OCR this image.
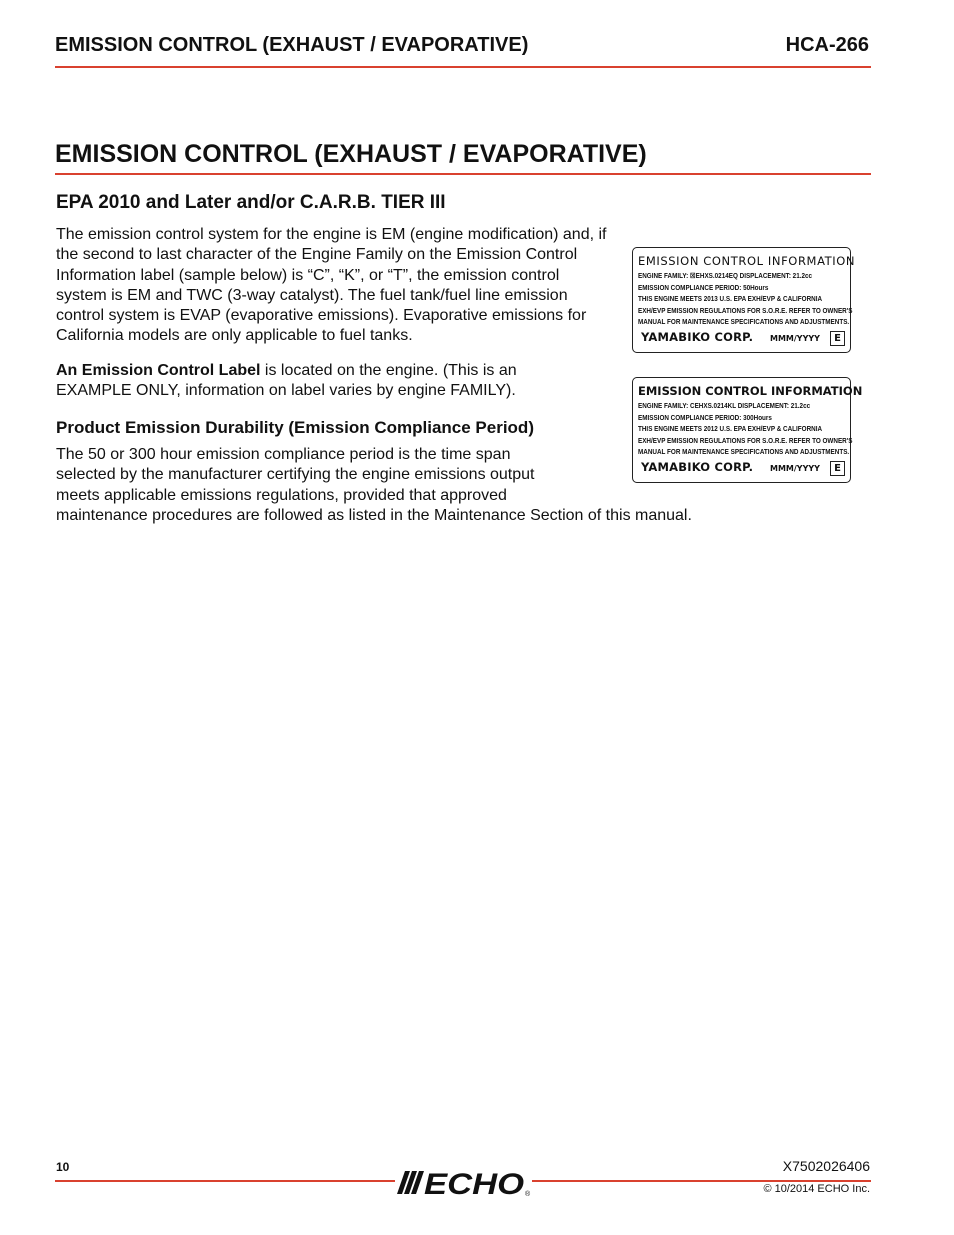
EMISSION CONTROL (EXHAUST / EVAPORATIVE)	HCA-266
EMISSION CONTROL (EXHAUST / EVAPORATIVE)
EPA 2010 and Later and/or C.A.R.B. TIER III

The emission control system for the engine is EM (engine modification) and, if the second to last character of the Engine Family on the Emission Control Information label (sample below) is “C”, “K”, or “T”, the emission control system is EM and TWC (3-way catalyst). The fuel tank/fuel line emission control system is EVAP (evaporative emissions). Evaporative emissions for California models are only applicable to fuel tanks.

An Emission Control Label is located on the engine. (This is an EXAMPLE ONLY, information on label varies by engine FAMILY).

Product Emission Durability (Emission Compliance Period)

The 50 or 300 hour emission compliance period is the time span
selected by the manufacturer certifying the engine emissions output
meets applicable emissions regulations, provided that approved
maintenance procedures are followed as listed in the Maintenance Section of this manual.

EMISSION CONTROL INFORMATION
ENGINE FAMILY: ☒EHXS.0214EQ DISPLACEMENT: 21.2cc
EMISSION COMPLIANCE PERIOD: 50Hours
THIS ENGINE MEETS 2013 U.S. EPA EXH/EVP & CALIFORNIA
EXH/EVP EMISSION REGULATIONS FOR S.O.R.E. REFER TO OWNER'S
MANUAL FOR MAINTENANCE SPECIFICATIONS AND ADJUSTMENTS.
YAMABIKO CORP. MMM/YYYY	E
EMISSION CONTROL INFORMATION
ENGINE FAMILY: CEHXS.0214KL DISPLACEMENT: 21.2cc
EMISSION COMPLIANCE PERIOD: 300Hours
THIS ENGINE MEETS 2012 U.S. EPA EXH/EVP & CALIFORNIA
EXH/EVP EMISSION REGULATIONS FOR S.O.R.E. REFER TO OWNER'S
MANUAL FOR MAINTENANCE SPECIFICATIONS AND ADJUSTMENTS.
YAMABIKO CORP. MMM/YYYY	E
10	X7502026406
© 10/2014 ECHO Inc.
ECHO ®
